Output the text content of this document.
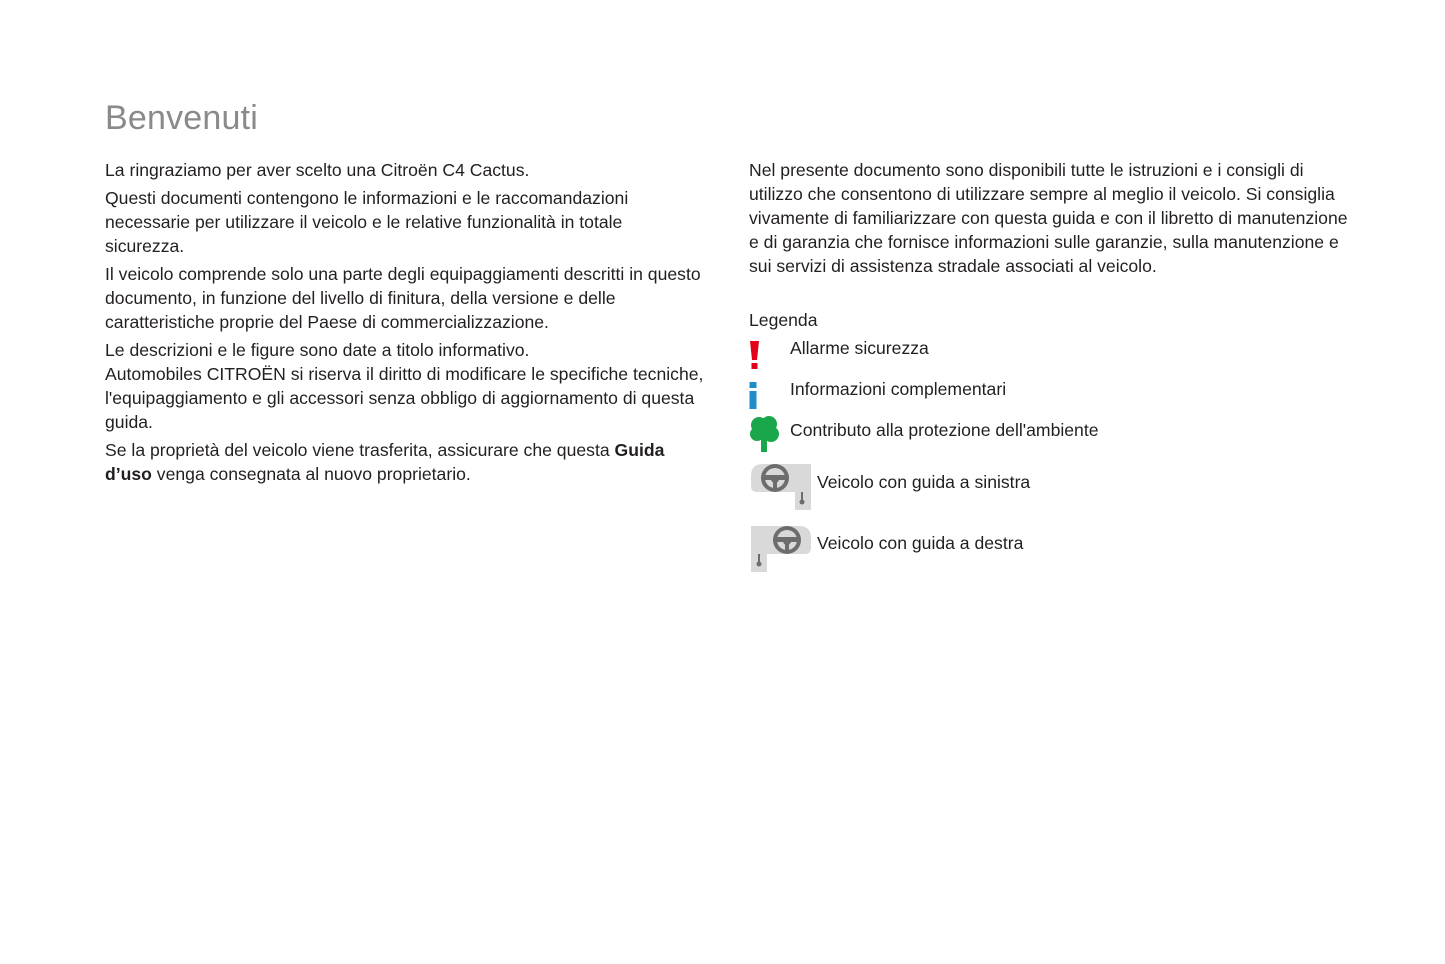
Benvenuti

La ringraziamo per aver scelto una Citroën C4 Cactus.

Questi documenti contengono le informazioni e le raccomandazioni necessarie per utilizzare il veicolo e le relative funzionalità in totale sicurezza.

Il veicolo comprende solo una parte degli equipaggiamenti descritti in questo documento, in funzione del livello di finitura, della versione e delle caratteristiche proprie del Paese di commercializzazione.

Le descrizioni e le figure sono date a titolo informativo.

Automobiles CITROËN si riserva il diritto di modificare le specifiche tecniche, l'equipaggiamento e gli accessori senza obbligo di aggiornamento di questa guida.

Se la proprietà del veicolo viene trasferita, assicurare che questa Guida d’uso venga consegnata al nuovo proprietario.

Nel presente documento sono disponibili tutte le istruzioni e i consigli di utilizzo che consentono di utilizzare sempre al meglio il veicolo. Si consiglia vivamente di familiarizzare con questa guida e con il libretto di manutenzione e di garanzia che fornisce informazioni sulle garanzie, sulla manutenzione e sui servizi di assistenza stradale associati al veicolo.

Legenda

Allarme sicurezza
Informazioni complementari
Contributo alla protezione dell'ambiente
Veicolo con guida a sinistra
Veicolo con guida a destra
